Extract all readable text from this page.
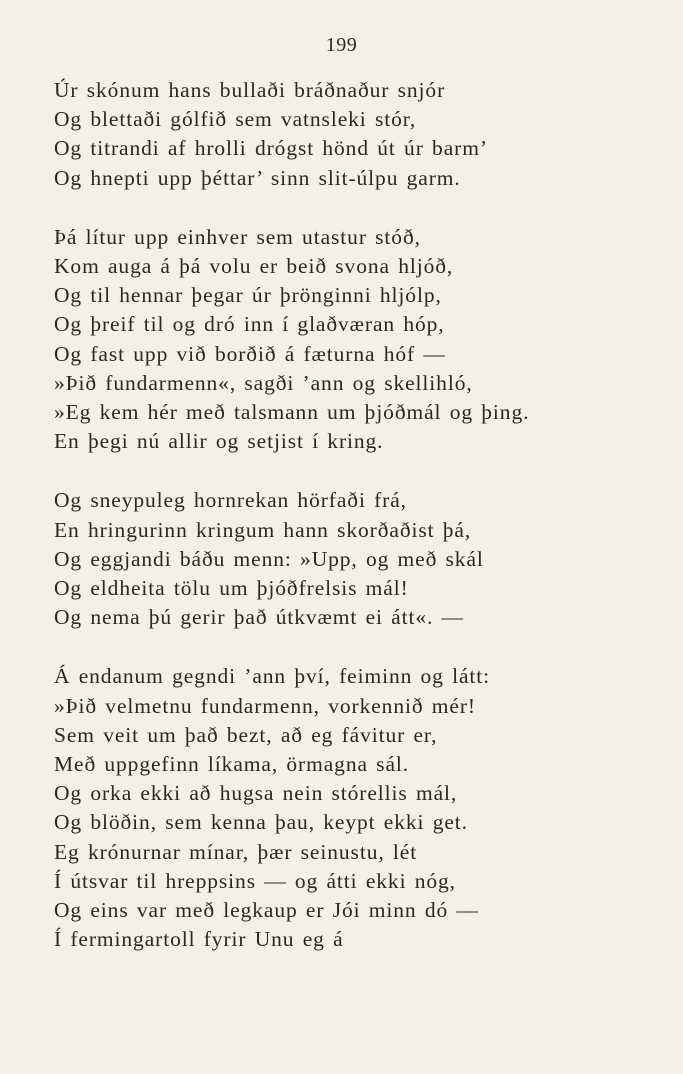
199
Úr skónum hans bullaði bráðnaður snjór
Og blettaði gólfið sem vatnsleki stór,
Og titrandi af hrolli drógst hönd út úr barm’
Og hnepti upp þéttar’ sinn slit-úlpu garm.
Þá lítur upp einhver sem utastur stóð,
Kom auga á þá volu er beið svona hljóð,
Og til hennar þegar úr þrönginni hljólp,
Og þreif til og dró inn í glaðværan hóp,
Og fast upp við borðið á fæturna hóf —
»Þið fundarmenn«, sagði ’ann og skellihló,
»Eg kem hér með talsmann um þjóðmál og þing.
En þegi nú allir og setjist í kring.
Og sneypuleg hornrekan hörfaði frá,
En hringurinn kringum hann skorðaðist þá,
Og eggjandi báðu menn: »Upp, og með skál
Og eldheita tölu um þjóðfrelsis mál!
Og nema þú gerir það útkvæmt ei átt«. —
Á endanum gegndi ’ann því, feiminn og látt:
»Þið velmetnu fundarmenn, vorkennið mér!
Sem veit um það bezt, að eg fávitur er,
Með uppgefinn líkama, örmagna sál.
Og orka ekki að hugsa nein stórellis mál,
Og blöðin, sem kenna þau, keypt ekki get.
Eg krónurnar mínar, þær seinustu, lét
Í útsvar til hreppsins — og átti ekki nóg,
Og eins var með legkaup er Jói minn dó —
Í fermingartoll fyrir Unu eg á
